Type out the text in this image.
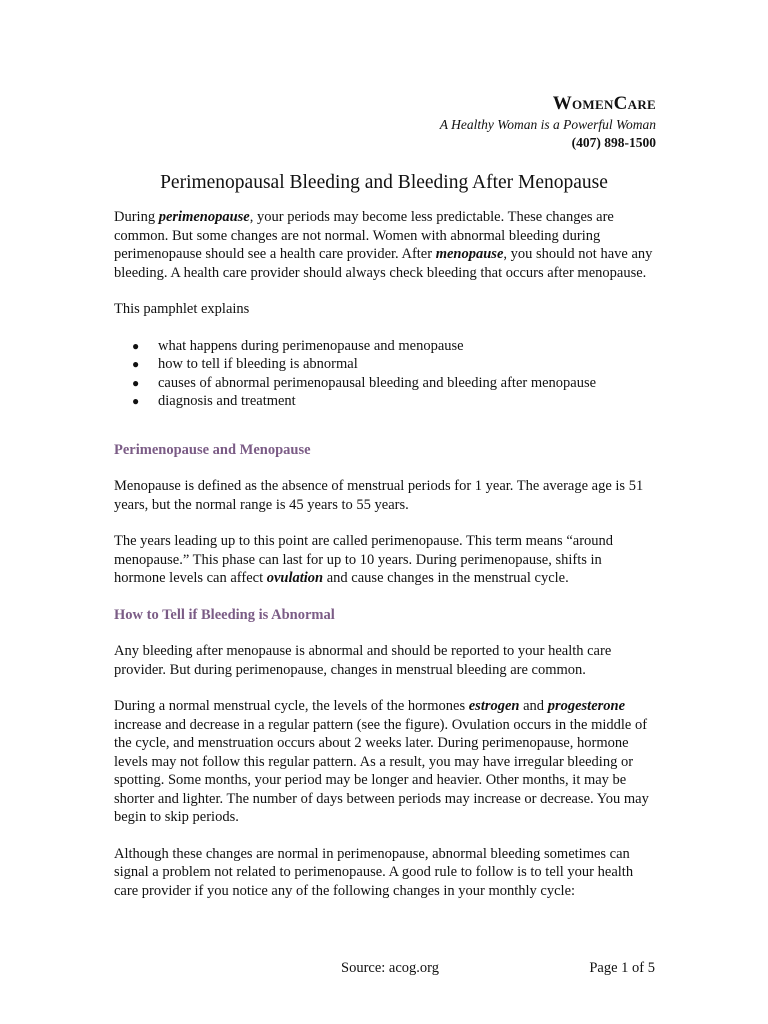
WomenCare
A Healthy Woman is a Powerful Woman
(407) 898-1500
Perimenopausal Bleeding and Bleeding After Menopause

During perimenopause, your periods may become less predictable. These changes are common. But some changes are not normal. Women with abnormal bleeding during perimenopause should see a health care provider. After menopause, you should not have any bleeding. A health care provider should always check bleeding that occurs after menopause.

This pamphlet explains

● what happens during perimenopause and menopause
● how to tell if bleeding is abnormal
● causes of abnormal perimenopausal bleeding and bleeding after menopause
● diagnosis and treatment
Perimenopause and Menopause

Menopause is defined as the absence of menstrual periods for 1 year. The average age is 51 years, but the normal range is 45 years to 55 years.

The years leading up to this point are called perimenopause. This term means “around menopause.” This phase can last for up to 10 years. During perimenopause, shifts in hormone levels can affect ovulation and cause changes in the menstrual cycle.

How to Tell if Bleeding is Abnormal

Any bleeding after menopause is abnormal and should be reported to your health care provider. But during perimenopause, changes in menstrual bleeding are common.

During a normal menstrual cycle, the levels of the hormones estrogen and progesterone increase and decrease in a regular pattern (see the figure). Ovulation occurs in the middle of the cycle, and menstruation occurs about 2 weeks later. During perimenopause, hormone levels may not follow this regular pattern. As a result, you may have irregular bleeding or spotting. Some months, your period may be longer and heavier. Other months, it may be shorter and lighter. The number of days between periods may increase or decrease. You may begin to skip periods.

Although these changes are normal in perimenopause, abnormal bleeding sometimes can signal a problem not related to perimenopause. A good rule to follow is to tell your health care provider if you notice any of the following changes in your monthly cycle:

Source: acog.org	Page 1 of 5
